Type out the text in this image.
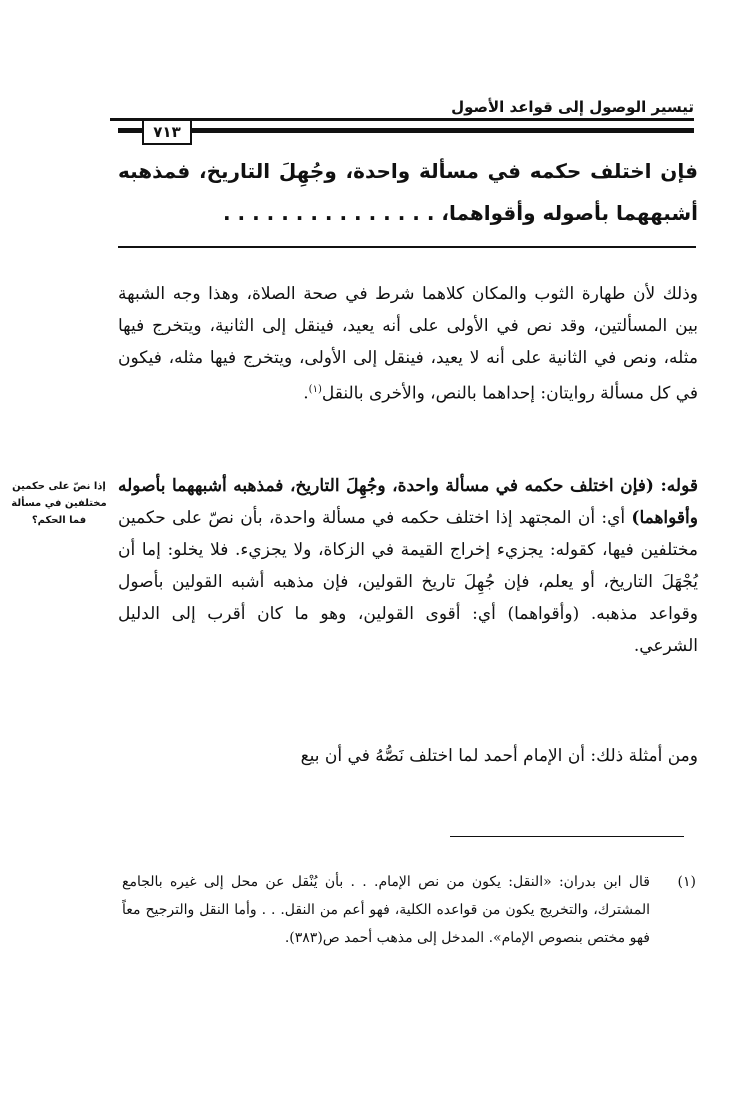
تيسير الوصول إلى قواعد الأصول
٧١٣

فإن اختلف حكمه في مسألة واحدة، وجُهِلَ التاريخ، فمذهبه أشبههما بأصوله وأقواهما، . . . . . . . . . . . . . . .

وذلك لأن طهارة الثوب والمكان كلاهما شرط في صحة الصلاة، وهذا وجه الشبهة بين المسألتين، وقد نص في الأولى على أنه يعيد، فينقل إلى الثانية، ويتخرج فيها مثله، ونص في الثانية على أنه لا يعيد، فينقل إلى الأولى، ويتخرج فيها مثله، فيكون في كل مسألة روايتان: إحداهما بالنص، والأخرى بالنقل$^{(١)}$.

قوله: (فإن اختلف حكمه في مسألة واحدة، وجُهِلَ التاريخ، فمذهبه أشبههما بأصوله وأقواهما) أي: أن المجتهد إذا اختلف حكمه في مسألة واحدة، بأن نصّ على حكمين مختلفين فيها، كقوله: يجزيء إخراج القيمة في الزكاة، ولا يجزيء. فلا يخلو: إما أن يُجْهَلَ التاريخ، أو يعلم، فإن جُهِلَ تاريخ القولين، فإن مذهبه أشبه القولين بأصول وقواعد مذهبه. (وأقواهما) أي: أقوى القولين، وهو ما كان أقرب إلى الدليل الشرعي.

ومن أمثلة ذلك: أن الإمام أحمد لما اختلف نَصُّهُ في أن بيع

إذا نصّ على حكمين مختلفين في مسألة فما الحكم؟
(١)
قال ابن بدران: «النقل: يكون من نص الإمام. . . بأن يُنْقل عن محل إلى غيره بالجامع المشترك، والتخريج يكون من قواعده الكلية، فهو أعم من النقل. . . وأما النقل والترجيح معاً فهو مختص بنصوص الإمام». المدخل إلى مذهب أحمد ص(٣٨٣).
